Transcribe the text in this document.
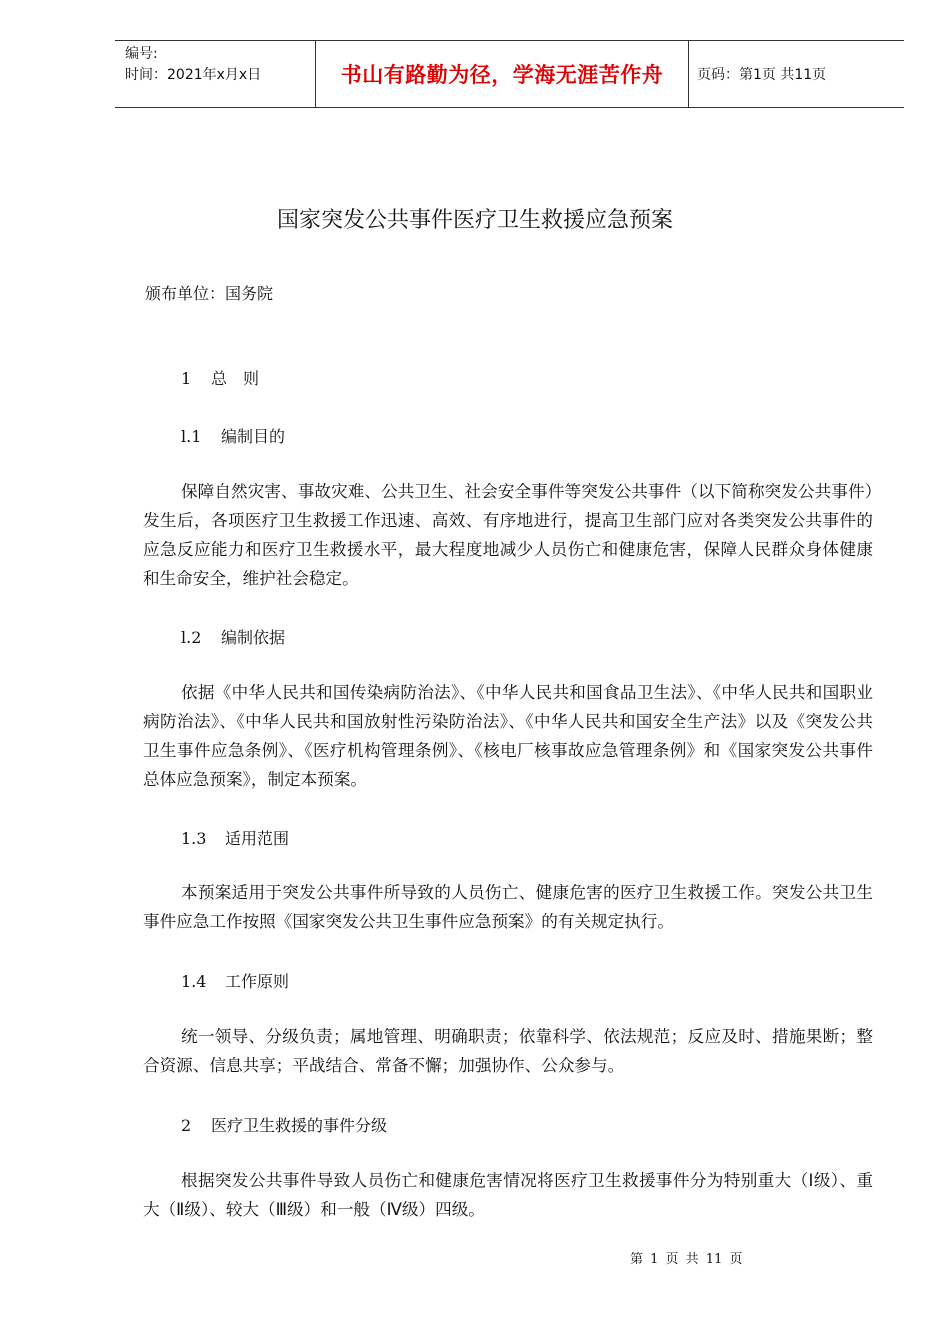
编号:
时间：2021年x月x日	书山有路勤为径，学海无涯苦作舟	页码：第1页 共11页
国家突发公共事件医疗卫生救援应急预案
颁布单位：国务院
1 总　则
l.1 编制目的

保障自然灾害、事故灾难、公共卫生、社会安全事件等突发公共事件（以下简称突发公共事件）发生后，各项医疗卫生救援工作迅速、高效、有序地进行，提高卫生部门应对各类突发公共事件的应急反应能力和医疗卫生救援水平，最大程度地减少人员伤亡和健康危害，保障人民群众身体健康和生命安全，维护社会稳定。

l.2 编制依据

依据《中华人民共和国传染病防治法》、《中华人民共和国食品卫生法》、《中华人民共和国职业病防治法》、《中华人民共和国放射性污染防治法》、《中华人民共和国安全生产法》以及《突发公共卫生事件应急条例》、《医疗机构管理条例》、《核电厂核事故应急管理条例》和《国家突发公共事件总体应急预案》，制定本预案。

1.3 适用范围

本预案适用于突发公共事件所导致的人员伤亡、健康危害的医疗卫生救援工作。突发公共卫生事件应急工作按照《国家突发公共卫生事件应急预案》的有关规定执行。

1.4 工作原则

统一领导、分级负责；属地管理、明确职责；依靠科学、依法规范；反应及时、措施果断；整合资源、信息共享；平战结合、常备不懈；加强协作、公众参与。

2 医疗卫生救援的事件分级

根据突发公共事件导致人员伤亡和健康危害情况将医疗卫生救援事件分为特别重大（Ⅰ级）、重大（Ⅱ级）、较大（Ⅲ级）和一般（Ⅳ级）四级。

第 1 页 共 11 页
